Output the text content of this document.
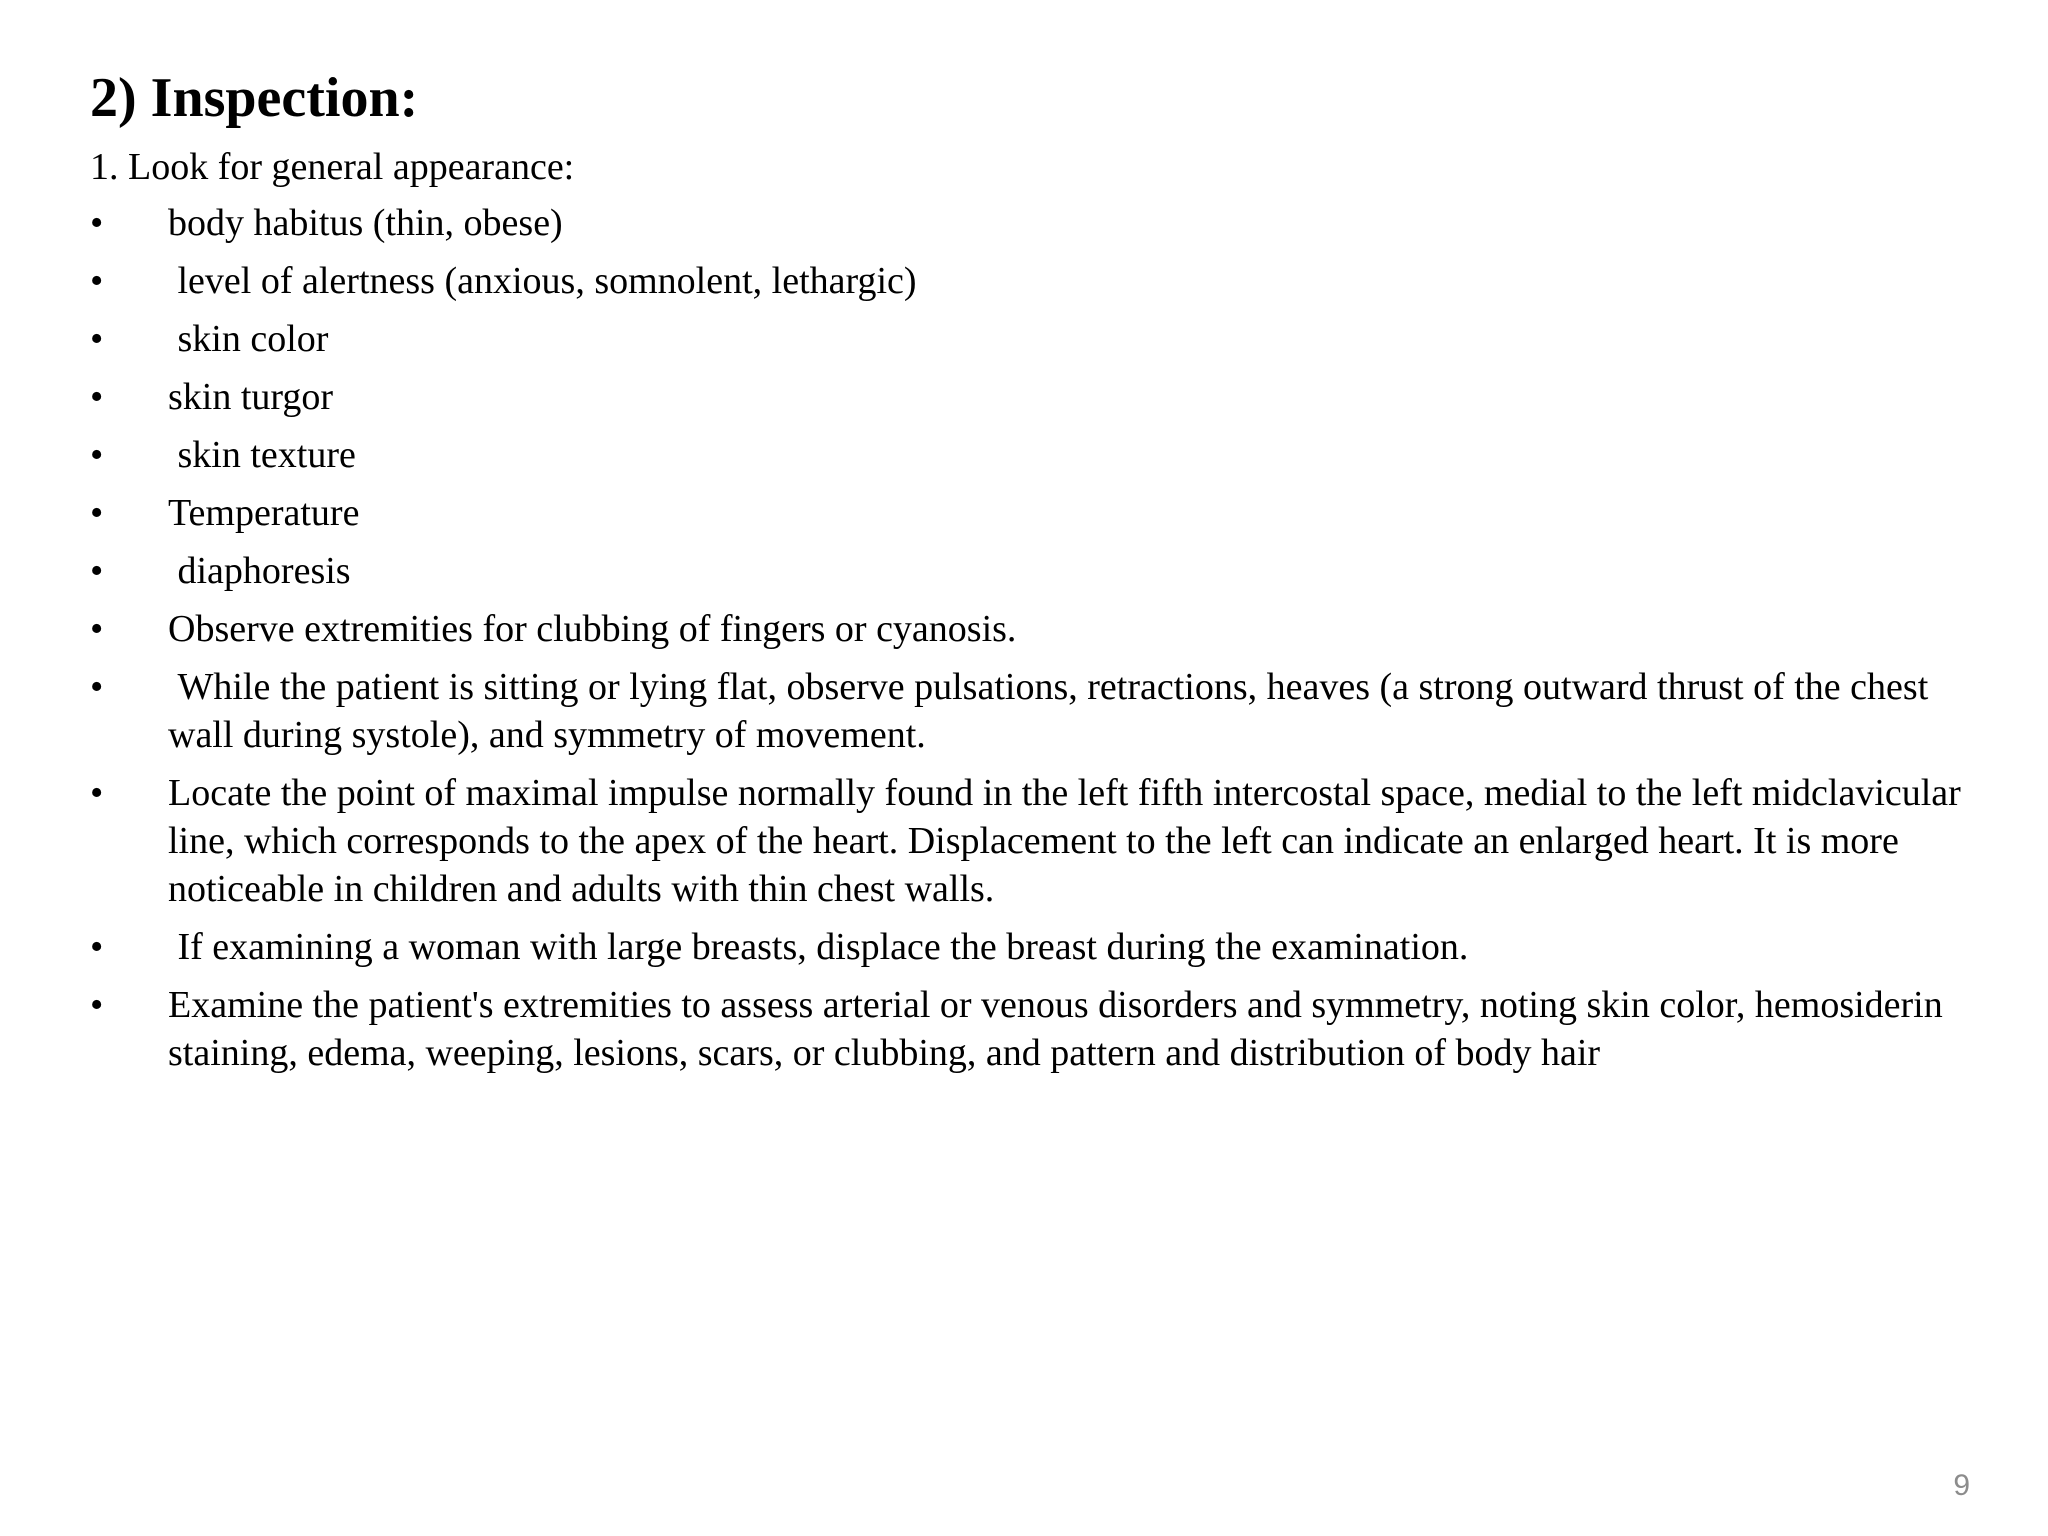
2) Inspection:

1. Look for general appearance:

•	body habitus (thin, obese)
•	level of alertness (anxious, somnolent, lethargic)
•	skin color
•	skin turgor
•	skin texture
•	Temperature
•	diaphoresis
•	Observe extremities for clubbing of fingers or cyanosis.
•	While the patient is sitting or lying flat, observe pulsations, retractions, heaves (a strong outward thrust of the chest wall during systole), and symmetry of movement.
•	Locate the point of maximal impulse normally found in the left fifth intercostal space, medial to the left midclavicular line, which corresponds to the apex of the heart. Displacement to the left can indicate an enlarged heart. It is more noticeable in children and adults with thin chest walls.
•	If examining a woman with large breasts, displace the breast during the examination.
•	Examine the patient's extremities to assess arterial or venous disorders and symmetry, noting skin color, hemosiderin staining, edema, weeping, lesions, scars, or clubbing, and pattern and distribution of body hair
9
